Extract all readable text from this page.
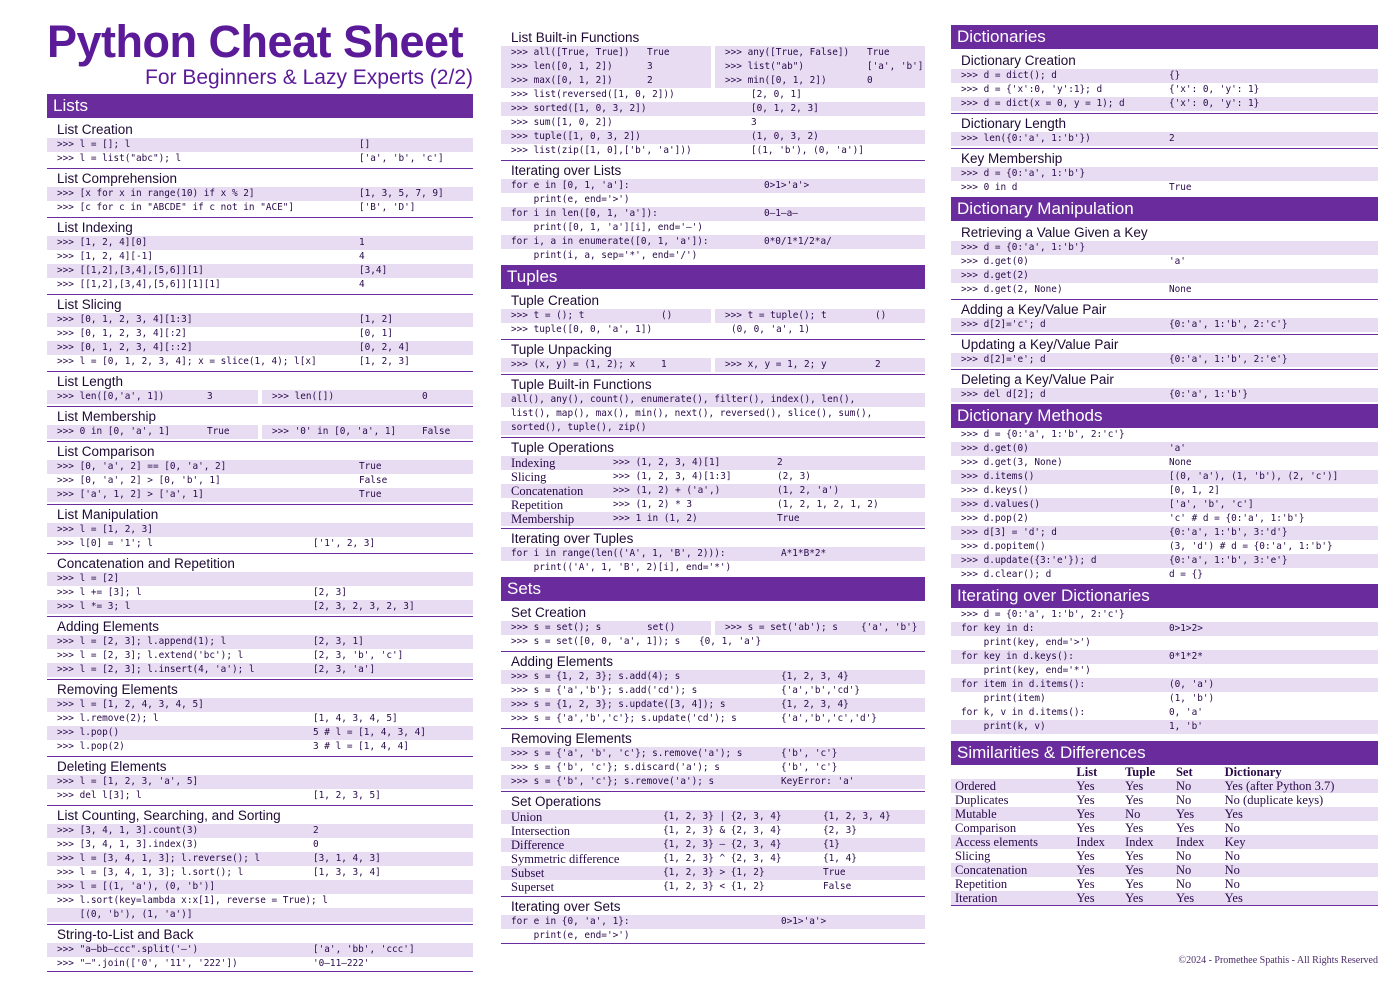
Python Cheat Sheet
For Beginners & Lazy Experts (2/2)
Lists
List Creation
>>> l = []; l	[]
>>> l = list("abc"); l	['a', 'b', 'c']
List Comprehension
>>> [x for x in range(10) if x % 2]	[1, 3, 5, 7, 9]
>>> [c for c in "ABCDE" if c not in "ACE"]	['B', 'D']
List Indexing
>>> [1, 2, 4][0]	1
>>> [1, 2, 4][-1]	4
>>> [[1,2],[3,4],[5,6]][1]	[3,4]
>>> [[1,2],[3,4],[5,6]][1][1]	4
List Slicing
>>> [0, 1, 2, 3, 4][1:3]	[1, 2]
>>> [0, 1, 2, 3, 4][:2]	[0, 1]
>>> [0, 1, 2, 3, 4][::2]	[0, 2, 4]
>>> l = [0, 1, 2, 3, 4]; x = slice(1, 4); l[x]	[1, 2, 3]
List Length
>>> len([0,'a', 1])	3	>>> len([])	0
List Membership
>>> 0 in [0, 'a', 1]	True	>>> '0' in [0, 'a', 1]	False
List Comparison
>>> [0, 'a', 2] == [0, 'a', 2]	True
>>> [0, 'a', 2] > [0, 'b', 1]	False
>>> ['a', 1, 2] > ['a', 1]	True
List Manipulation
>>> l = [1, 2, 3]
>>> l[0] = '1'; l	['1', 2, 3]
Concatenation and Repetition
>>> l = [2]
>>> l += [3]; l	[2, 3]
>>> l *= 3; l	[2, 3, 2, 3, 2, 3]
Adding Elements
>>> l = [2, 3]; l.append(1); l	[2, 3, 1]
>>> l = [2, 3]; l.extend('bc'); l	[2, 3, 'b', 'c']
>>> l = [2, 3]; l.insert(4, 'a'); l	[2, 3, 'a']
Removing Elements
>>> l = [1, 2, 4, 3, 4, 5]
>>> l.remove(2); l	[1, 4, 3, 4, 5]
>>> l.pop()	5 # l = [1, 4, 3, 4]
>>> l.pop(2)	3 # l = [1, 4, 4]
Deleting Elements
>>> l = [1, 2, 3, 'a', 5]
>>> del l[3]; l	[1, 2, 3, 5]
List Counting, Searching, and Sorting
>>> [3, 4, 1, 3].count(3)	2
>>> [3, 4, 1, 3].index(3)	0
>>> l = [3, 4, 1, 3]; l.reverse(); l	[3, 1, 4, 3]
>>> l = [3, 4, 1, 3]; l.sort(); l	[1, 3, 3, 4]
>>> l = [(1, 'a'), (0, 'b')]
>>> l.sort(key=lambda x:x[1], reverse = True); l
[(0, 'b'), (1, 'a')]
String-to-List and Back
>>> "a–bb–ccc".split('–')	['a', 'bb', 'ccc']
>>> "–".join(['0', '11', '222'])	'0–11–222'
List Built-in Functions
>>> all([True, True]) True	>>> any([True, False]) True
>>> len([0, 1, 2])	3	>>> list("ab")	['a', 'b']
>>> max([0, 1, 2])	2	>>> min([0, 1, 2])	0
>>> list(reversed([1, 0, 2]))	[2, 0, 1]
>>> sorted([1, 0, 3, 2])	[0, 1, 2, 3]
>>> sum([1, 0, 2])	3
>>> tuple([1, 0, 3, 2])	(1, 0, 3, 2)
>>> list(zip([1, 0],['b', 'a']))	[(1, 'b'), (0, 'a')]
Iterating over Lists
for e in [0, 1, 'a']:	0>1>'a'>
print(e, end='>')
for i in len([0, 1, 'a']):	0–1–a–
print([0, 1, 'a'][i], end='–')
for i, a in enumerate([0, 1, 'a']):	0*0/1*1/2*a/
print(i, a, sep='*', end='/')
Tuples
Tuple Creation
>>> t = (); t	()	>>> t = tuple(); t	()
>>> tuple([0, 0, 'a', 1])	(0, 0, 'a', 1)
Tuple Unpacking
>>> (x, y) = (1, 2); x	1	>>> x, y = 1, 2; y	2
Tuple Built-in Functions
all(), any(), count(), enumerate(), filter(), index(), len(),
list(), map(), max(), min(), next(), reversed(), slice(), sum(),
sorted(), tuple(), zip()
Tuple Operations
Indexing	>>> (1, 2, 3, 4)[1]	2
Slicing	>>> (1, 2, 3, 4)[1:3]	(2, 3)
Concatenation	>>> (1, 2) + ('a',)	(1, 2, 'a')
Repetition	>>> (1, 2) * 3	(1, 2, 1, 2, 1, 2)
Membership	>>> 1 in (1, 2)	True
Iterating over Tuples
for i in range(len(('A', 1, 'B', 2))):	A*1*B*2*
print(('A', 1, 'B', 2)[i], end='*')
Sets
Set Creation
>>> s = set(); s	set()	>>> s = set('ab'); s {'a', 'b'}
>>> s = set([0, 0, 'a', 1]); s {0, 1, 'a'}
Adding Elements
>>> s = {1, 2, 3}; s.add(4); s	{1, 2, 3, 4}
>>> s = {'a','b'}; s.add('cd'); s	{'a','b','cd'}
>>> s = {1, 2, 3}; s.update([3, 4]); s	{1, 2, 3, 4}
>>> s = {'a','b','c'}; s.update('cd'); s	{'a','b','c','d'}
Removing Elements
>>> s = {'a', 'b', 'c'}; s.remove('a'); s	{'b', 'c'}
>>> s = {'b', 'c'}; s.discard('a'); s	{'b', 'c'}
>>> s = {'b', 'c'}; s.remove('a'); s	KeyError: 'a'
Set Operations
Union	{1, 2, 3} | {2, 3, 4}	{1, 2, 3, 4}
Intersection	{1, 2, 3} & {2, 3, 4}	{2, 3}
Difference	{1, 2, 3} – {2, 3, 4}	{1}
Symmetric difference	{1, 2, 3} ^ {2, 3, 4}	{1, 4}
Subset	{1, 2, 3} > {1, 2}	True
Superset	{1, 2, 3} < {1, 2}	False
Iterating over Sets
for e in {0, 'a', 1}:	0>1>'a'>
print(e, end='>')
Dictionaries
Dictionary Creation
>>> d = dict(); d	{}
>>> d = {'x':0, 'y':1}; d	{'x': 0, 'y': 1}
>>> d = dict(x = 0, y = 1); d	{'x': 0, 'y': 1}
Dictionary Length
>>> len({0:'a', 1:'b'})	2
Key Membership
>>> d = {0:'a', 1:'b'}
>>> 0 in d	True
Dictionary Manipulation
Retrieving a Value Given a Key
>>> d = {0:'a', 1:'b'}
>>> d.get(0)	'a'
>>> d.get(2)
>>> d.get(2, None)	None
Adding a Key/Value Pair
>>> d[2]='c'; d	{0:'a', 1:'b', 2:'c'}
Updating a Key/Value Pair
>>> d[2]='e'; d	{0:'a', 1:'b', 2:'e'}
Deleting a Key/Value Pair
>>> del d[2]; d	{0:'a', 1:'b'}
Dictionary Methods
>>> d = {0:'a', 1:'b', 2:'c'}
>>> d.get(0)	'a'
>>> d.get(3, None)	None
>>> d.items()	[(0, 'a'), (1, 'b'), (2, 'c')]
>>> d.keys()	[0, 1, 2]
>>> d.values()	['a', 'b', 'c']
>>> d.pop(2)	'c' # d = {0:'a', 1:'b'}
>>> d[3] = 'd'; d	{0:'a', 1:'b', 3:'d'}
>>> d.popitem()	(3, 'd') # d = {0:'a', 1:'b'}
>>> d.update({3:'e'}); d	{0:'a', 1:'b', 3:'e'}
>>> d.clear(); d	d = {}
Iterating over Dictionaries
>>> d = {0:'a', 1:'b', 2:'c'}
for key in d:	0>1>2>
print(key, end='>')
for key in d.keys():	0*1*2*
print(key, end='*')
for item in d.items():	(0, 'a')
print(item)	(1, 'b')
for k, v in d.items():	0, 'a'
print(k, v)	1, 'b'
Similarities & Differences
	List	Tuple	Set	Dictionary
Ordered	Yes	Yes	No	Yes (after Python 3.7)
Duplicates	Yes	Yes	No	No (duplicate keys)
Mutable	Yes	No	Yes	Yes
Comparison	Yes	Yes	Yes	No
Access elements	Index	Index	Index	Key
Slicing	Yes	Yes	No	No
Concatenation	Yes	Yes	No	No
Repetition	Yes	Yes	No	No
Iteration	Yes	Yes	Yes	Yes
©2024 - Promethee Spathis - All Rights Reserved
